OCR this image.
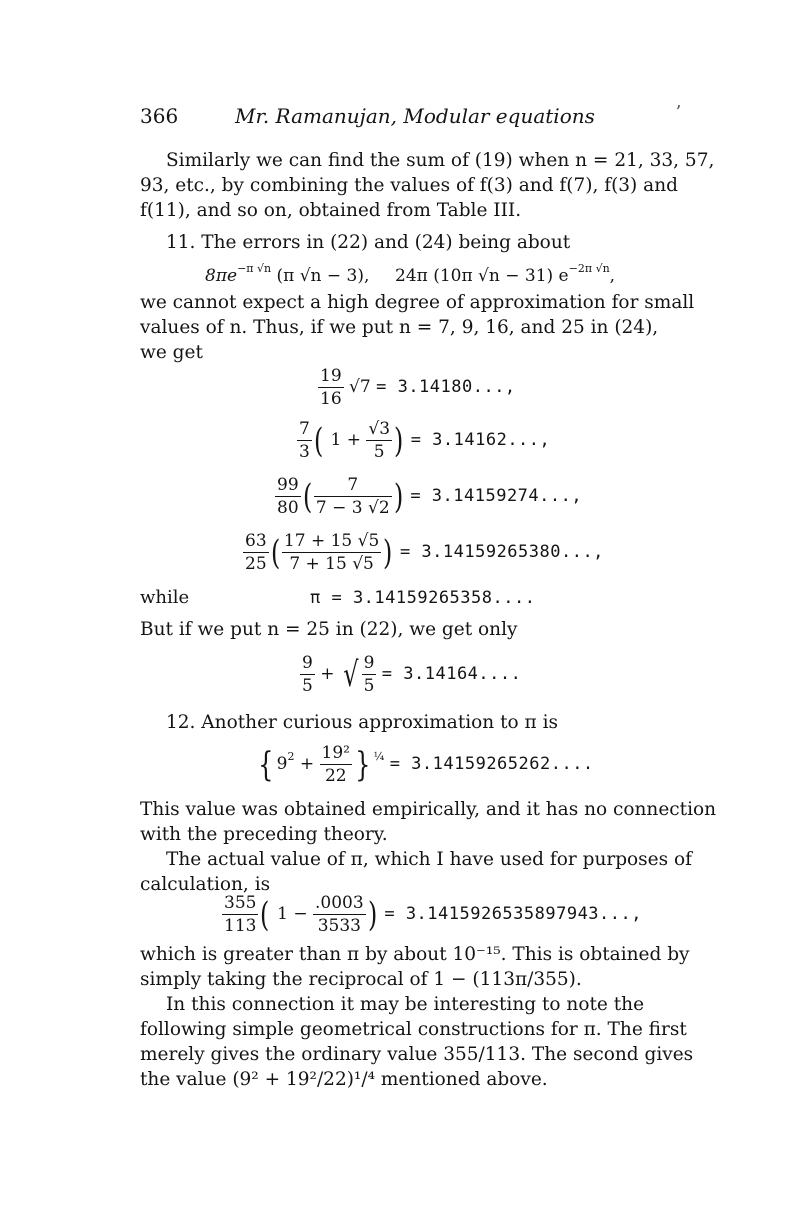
366	Mr. Ramanujan, Modular equations	ʼ
Similarly we can find the sum of (19) when n = 21, 33, 57,
93, etc., by combining the values of f(3) and f(7), f(3) and
f(11), and so on, obtained from Table III.
11. The errors in (22) and (24) being about
$8\pi e^{-\pi √n}$ (π √n − 3), 24π (10π √n − 31) $e^{-2\pi √n}$,
we cannot expect a high degree of approximation for small
values of n. Thus, if we put n = 7, 9, 16, and 25 in (24),
we get
$\frac{19}{16} √7 = 3.14180$...,
$\frac{7}{3}$ ( $1 + \frac{√3}{5}$ ) = 3.14162...,
$\frac{99}{80}$ ( $\frac{7}{7 - 3 √2}$ ) = 3.14159274...,
$\frac{63}{25}$ ( $\frac{17 + 15 √5}{7 + 15 √5}$ ) = 3.14159265380...,
while	π = 3.14159265358....
But if we put n = 25 in (22), we get only
$\frac{9}{5}$ + √ $\frac{9}{5} = 3.14164$....
12. Another curious approximation to π is
{ $9^2 + \frac{\text{19²}}{22}$ } $^{\frac{1}{4}}$ = 3.14159265262....
This value was obtained empirically, and it has no connection
with the preceding theory.
The actual value of π, which I have used for purposes of
calculation, is
$\frac{355}{113}$ ( $1 - \frac{.0003}{3533}$ ) = 3.1415926535897943...,
which is greater than π by about 10⁻¹⁵. This is obtained by
simply taking the reciprocal of 1 − (113π/355).
In this connection it may be interesting to note the
following simple geometrical constructions for π. The first
merely gives the ordinary value 355/113. The second gives
the value (9² + 19²/22)¹/⁴ mentioned above.
